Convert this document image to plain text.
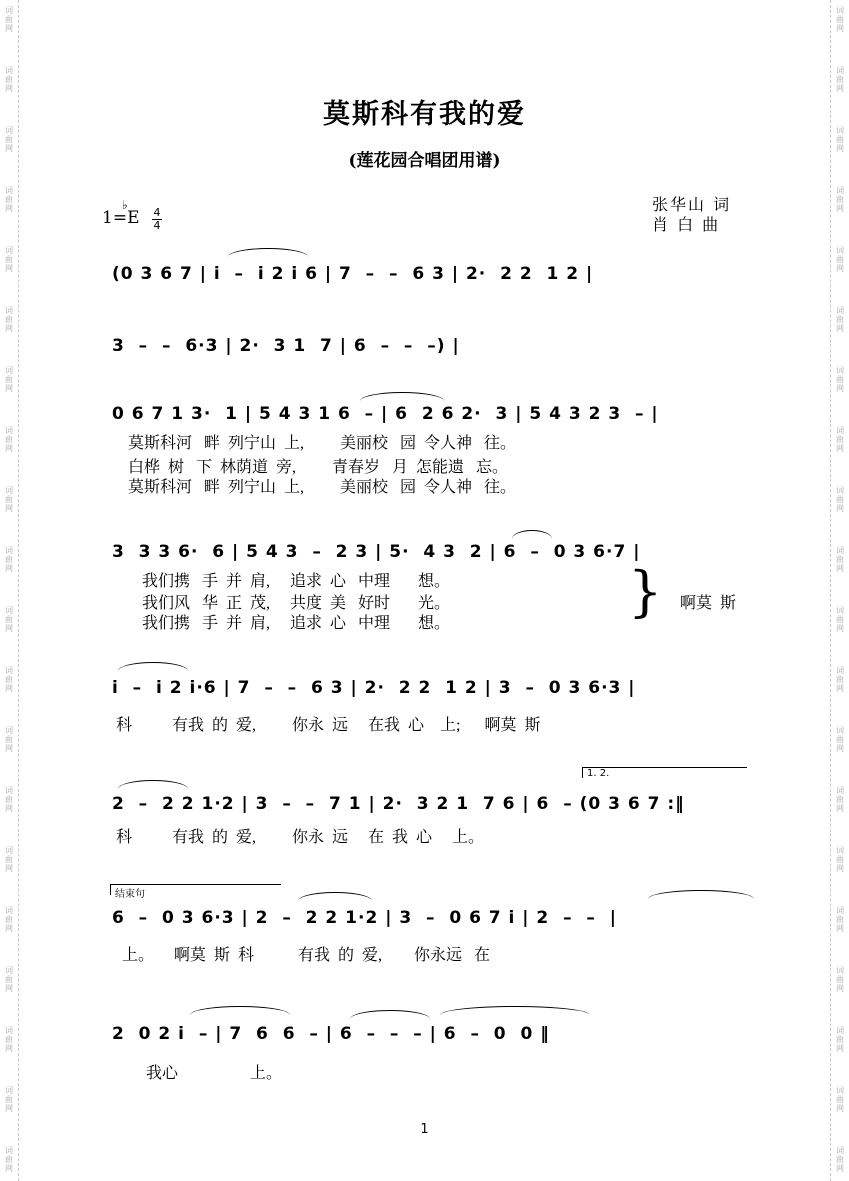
词
曲
网
词
曲
网
词
曲
网
词
曲
网
词
曲
网
词
曲
网
词
曲
网
词
曲
网
词
曲
网
词
曲
网
词
曲
网
词
曲
网
词
曲
网
词
曲
网
词
曲
网
词
曲
网
词
曲
网
词
曲
网
词
曲
网
词
曲
网
词
曲
网
词
曲
网
词
曲
网
词
曲
网
词
曲
网
词
曲
网
词
曲
网
词
曲
网
词
曲
网
词
曲
网
词
曲
网
词
曲
网
词
曲
网
词
曲
网
词
曲
网
词
曲
网
词
曲
网
词
曲
网
词
曲
网
词
曲
网
莫斯科有我的爱
(莲花园合唱团用谱)
张华山 词
肖 白 曲
1=
♭
E 4
4
(0 3 6 7 | i  –  i 2 i 6 | 7  –  –  6 3 | 2·  2 2  1 2 |
3  –  –  6·3 | 2·  3 1  7 | 6  –  –  –) |
0 6 7 1 3·  1 | 5 4 3 1 6  – | 6  2 6 2·  3 | 5 4 3 2 3  – |
莫斯科河   畔  列宁山  上,         美丽校   园  令人神   往。
白桦  树   下  林荫道  旁,         青春岁   月  怎能遗   忘。
莫斯科河   畔  列宁山  上,         美丽校   园  令人神   往。
3  3 3 6·  6 | 5 4 3  –  2 3 | 5·  4 3  2 | 6  –  0 3 6·7 |
我们携   手  并  肩,     追求  心   中理       想。
我们风   华  正  茂,     共度  美   好时       光。
我们携   手  并  肩,     追求  心   中理       想。
} 啊莫  斯
i  –  i 2 i·6 | 7  –  –  6 3 | 2·  2 2  1 2 | 3  –  0 3 6·3 |
科          有我  的  爱,         你永  远     在我  心    上;      啊莫  斯
1. 2.
2  –  2 2 1·2 | 3  –  –  7 1 | 2·  3 2 1  7 6 | 6  – (0 3 6 7 :‖
科          有我  的  爱,         你永  远     在  我  心     上。
结束句
6  –  0 3 6·3 | 2  –  2 2 1·2 | 3  –  0 6 7 i | 2  –  –  |
上。     啊莫  斯  科           有我  的  爱,        你永远   在
2  0 2 i  – | 7  6  6  – | 6  –  –  – | 6  –  0  0 ‖
我心                  上。
1
